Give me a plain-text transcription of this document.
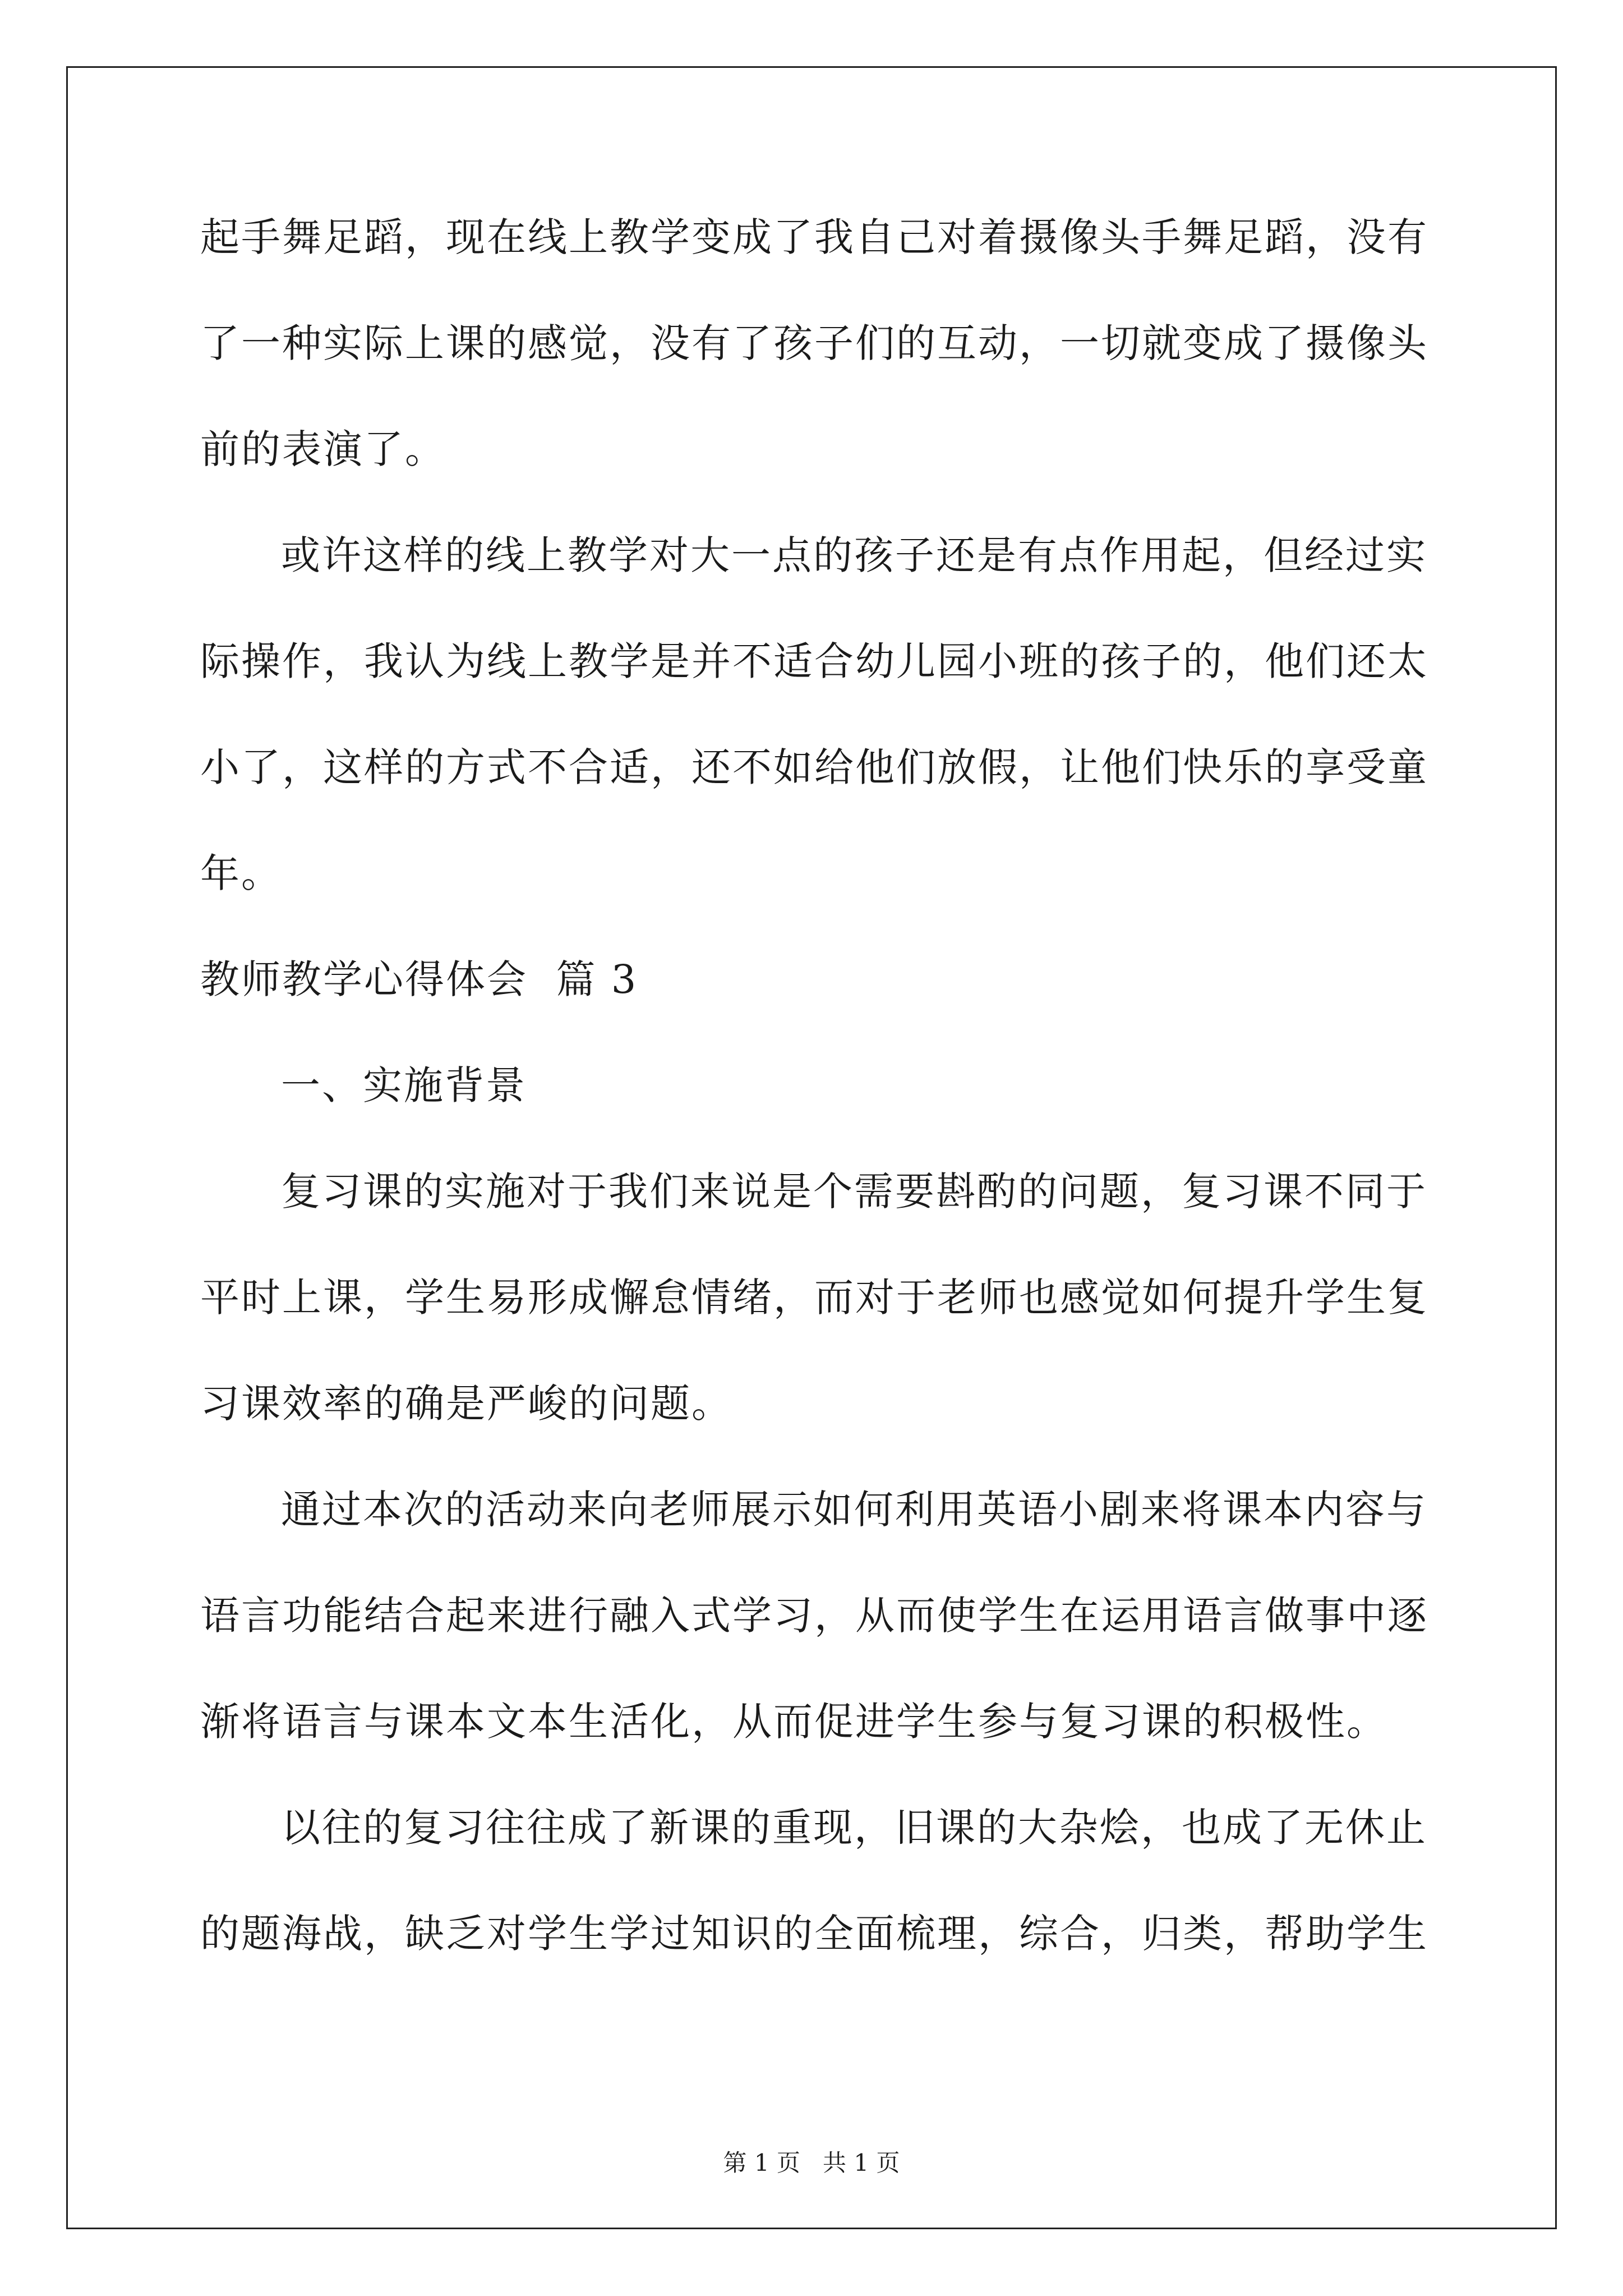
起手舞足蹈，现在线上教学变成了我自己对着摄像头手舞足蹈，没有
了一种实际上课的感觉，没有了孩子们的互动，一切就变成了摄像头
前的表演了。
或许这样的线上教学对大一点的孩子还是有点作用起，但经过实
际操作，我认为线上教学是并不适合幼儿园小班的孩子的，他们还太
小了，这样的方式不合适，还不如给他们放假，让他们快乐的享受童
年。
教师教学心得体会  篇 3
一、实施背景
复习课的实施对于我们来说是个需要斟酌的问题，复习课不同于
平时上课，学生易形成懈怠情绪，而对于老师也感觉如何提升学生复
习课效率的确是严峻的问题。
通过本次的活动来向老师展示如何利用英语小剧来将课本内容与
语言功能结合起来进行融入式学习，从而使学生在运用语言做事中逐
渐将语言与课本文本生活化，从而促进学生参与复习课的积极性。
以往的复习往往成了新课的重现，旧课的大杂烩，也成了无休止
的题海战，缺乏对学生学过知识的全面梳理，综合，归类，帮助学生
第 1 页   共 1 页
